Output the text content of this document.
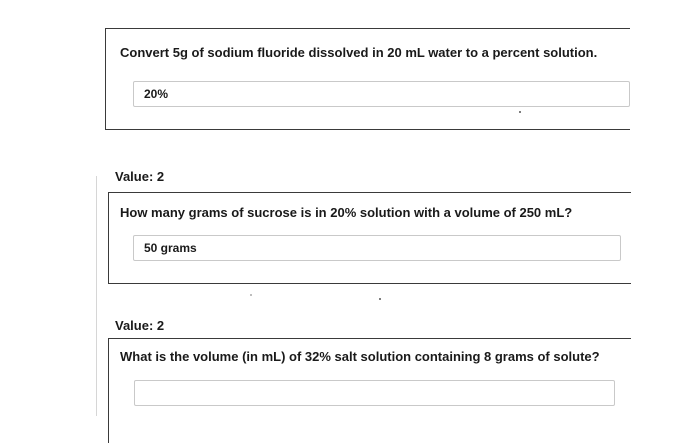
Convert 5g of sodium fluoride dissolved in 20 mL water to a percent solution.
20%
Value: 2
How many grams of sucrose is in 20% solution with a volume of 250 mL?
50 grams
Value: 2
What is the volume (in mL) of 32% salt solution containing 8 grams of solute?
